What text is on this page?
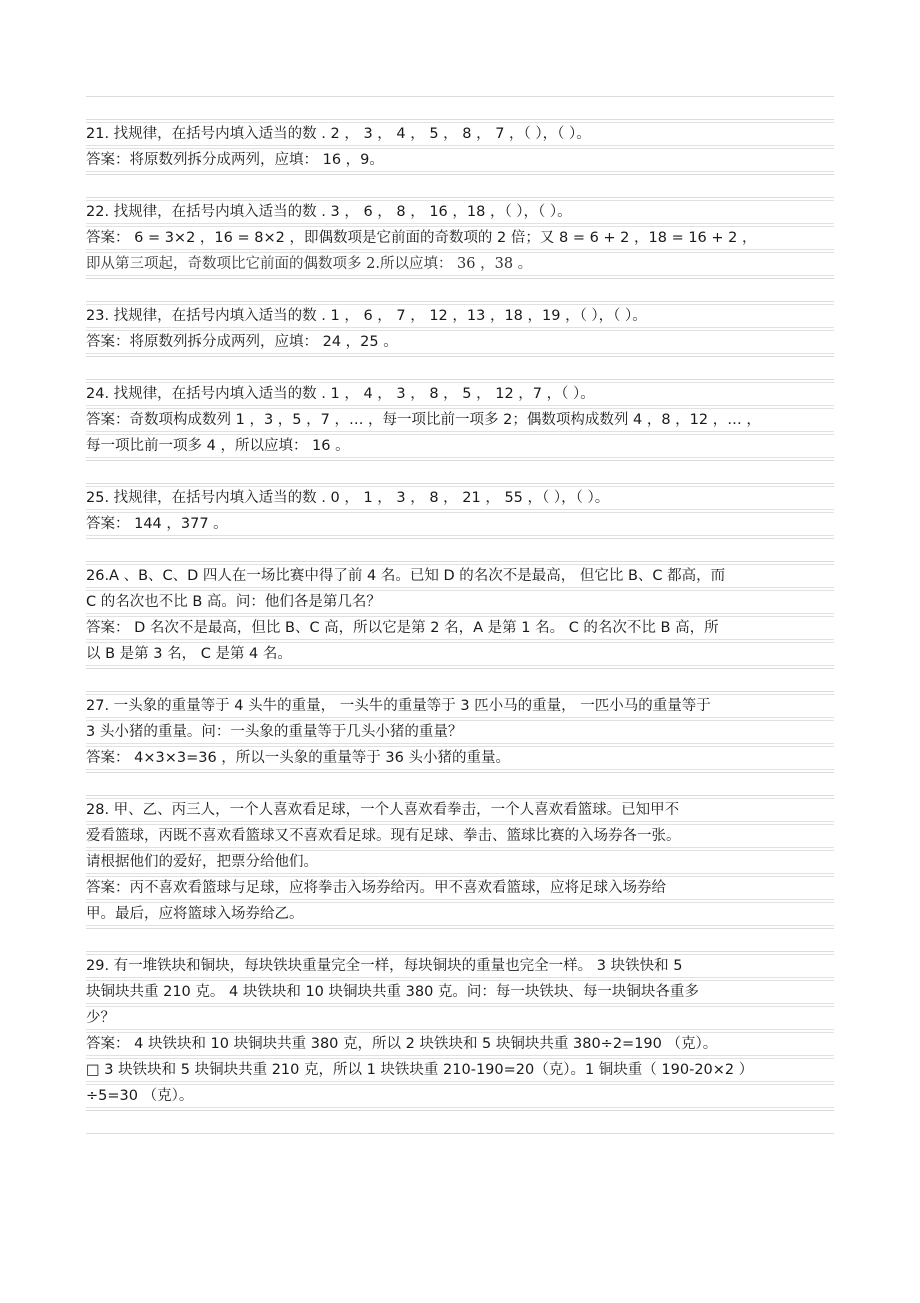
21. 找规律，在括号内填入适当的数 . 2 ， 3 ， 4 ， 5 ， 8 ， 7 ，（ ），（ ）。
答案：将原数列拆分成两列，应填： 16 ，9。
22. 找规律，在括号内填入适当的数 . 3 ， 6 ， 8 ， 16 ，18 ，（ ），（ ）。
答案： 6 = 3×2 ，16 = 8×2 ，即偶数项是它前面的奇数项的 2 倍；又 8 = 6 + 2 ，18 = 16 + 2 ，
即从第三项起，奇数项比它前面的偶数项多 2.所以应填： 36 ，38 。
23. 找规律，在括号内填入适当的数 . 1 ， 6 ， 7 ， 12 ，13 ，18 ，19 ，（ ），（ ）。
答案：将原数列拆分成两列，应填： 24 ，25 。
24. 找规律，在括号内填入适当的数 . 1 ， 4 ， 3 ， 8 ， 5 ， 12 ，7 ，（ ）。
答案：奇数项构成数列 1 ，3 ，5 ，7 ，… ，每一项比前一项多 2；偶数项构成数列 4 ，8 ，12 ，… ，
每一项比前一项多 4 ，所以应填： 16 。
25. 找规律，在括号内填入适当的数 . 0 ， 1 ， 3 ， 8 ， 21 ， 55 ，（ ），（ ）。
答案： 144 ，377 。
26.A 、B、C、D 四人在一场比赛中得了前 4 名。已知 D 的名次不是最高， 但它比 B、C 都高，而
C 的名次也不比 B 高。问：他们各是第几名？
答案： D 名次不是最高，但比 B、C 高，所以它是第 2 名，A 是第 1 名。 C 的名次不比 B 高，所
以 B 是第 3 名， C 是第 4 名。
27. 一头象的重量等于 4 头牛的重量， 一头牛的重量等于 3 匹小马的重量， 一匹小马的重量等于
3 头小猪的重量。问：一头象的重量等于几头小猪的重量？
答案： 4×3×3=36 ，所以一头象的重量等于 36 头小猪的重量。
28. 甲、乙、丙三人，一个人喜欢看足球，一个人喜欢看拳击，一个人喜欢看篮球。已知甲不
爱看篮球，丙既不喜欢看篮球又不喜欢看足球。现有足球、拳击、篮球比赛的入场券各一张。
请根据他们的爱好，把票分给他们。
答案：丙不喜欢看篮球与足球，应将拳击入场券给丙。甲不喜欢看篮球，应将足球入场券给
甲。最后，应将篮球入场券给乙。
29. 有一堆铁块和铜块，每块铁块重量完全一样，每块铜块的重量也完全一样。 3 块铁快和 5
块铜块共重 210 克。 4 块铁块和 10 块铜块共重 380 克。问：每一块铁块、每一块铜块各重多
少？
答案： 4 块铁块和 10 块铜块共重 380 克，所以 2 块铁块和 5 块铜块共重 380÷2=190 （克）。
□ 3 块铁块和 5 块铜块共重 210 克，所以 1 块铁块重 210-190=20（克）。1 铜块重（ 190-20×2 ）
÷5=30 （克）。
